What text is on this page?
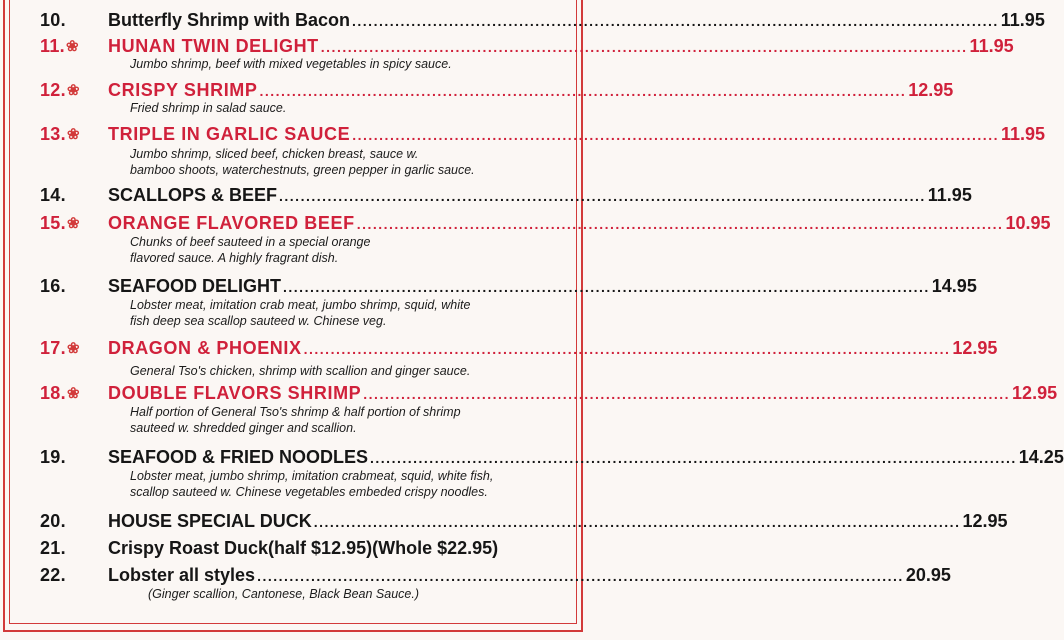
10.	Butterfly Shrimp with Bacon ........................................................................................................................ 11.95
11.❀	HUNAN TWIN DELIGHT ........................................................................................................................ 11.95
Jumbo shrimp, beef with mixed vegetables in spicy sauce.
12.❀	CRISPY SHRIMP ........................................................................................................................ 12.95
Fried shrimp in salad sauce.
13.❀	TRIPLE IN GARLIC SAUCE ........................................................................................................................ 11.95
Jumbo shrimp, sliced beef, chicken breast, sauce w.
bamboo shoots, waterchestnuts, green pepper in garlic sauce.
14.	SCALLOPS & BEEF ........................................................................................................................ 11.95
15.❀	ORANGE FLAVORED BEEF ........................................................................................................................ 10.95
Chunks of beef sauteed in a special orange
flavored sauce. A highly fragrant dish.
16.	SEAFOOD DELIGHT ........................................................................................................................ 14.95
Lobster meat, imitation crab meat, jumbo shrimp, squid, white
fish deep sea scallop sauteed w. Chinese veg.
17.❀	DRAGON & PHOENIX ........................................................................................................................ 12.95
General Tso's chicken, shrimp with scallion and ginger sauce.
18.❀	DOUBLE FLAVORS SHRIMP ........................................................................................................................ 12.95
Half portion of General Tso's shrimp & half portion of shrimp
sauteed w. shredded ginger and scallion.
19.	SEAFOOD & FRIED NOODLES ........................................................................................................................ 14.25
Lobster meat, jumbo shrimp, imitation crabmeat, squid, white fish,
scallop sauteed w. Chinese vegetables embeded crispy noodles.
20.	HOUSE SPECIAL DUCK ........................................................................................................................ 12.95
21.	Crispy Roast Duck(half $12.95)(Whole $22.95)
22.	Lobster all styles ........................................................................................................................ 20.95
(Ginger scallion, Cantonese, Black Bean Sauce.)
